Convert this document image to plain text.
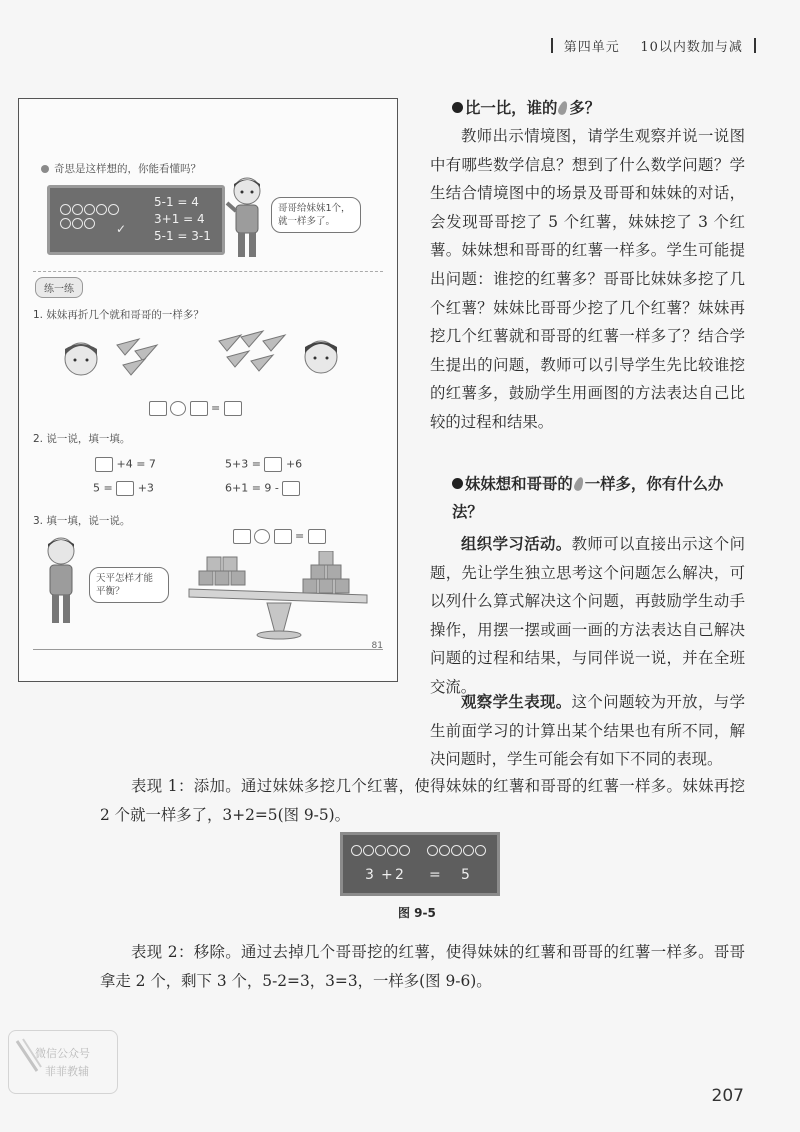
第四单元 10以内数加与减
奇思是这样想的，你能看懂吗？
✓
5-1 = 4
3+1 = 4
5-1 = 3-1
哥哥给妹妹1个，就一样多了。
练一练
1. 妹妹再折几个就和哥哥的一样多？
=
2. 说一说，填一填。
+4 = 7	5+3 = +6
5 = +3	6+1 = 9 -
3. 填一填，说一说。
=
天平怎样才能平衡？
81
比一比，谁的 多？

教师出示情境图，请学生观察并说一说图中有哪些数学信息？想到了什么数学问题？学生结合情境图中的场景及哥哥和妹妹的对话，会发现哥哥挖了 5 个红薯，妹妹挖了 3 个红薯。妹妹想和哥哥的红薯一样多。学生可能提出问题：谁挖的红薯多？哥哥比妹妹多挖了几个红薯？妹妹比哥哥少挖了几个红薯？妹妹再挖几个红薯就和哥哥的红薯一样多了？结合学生提出的问题，教师可以引导学生先比较谁挖的红薯多，鼓励学生用画图的方法表达自己比较的过程和结果。

妹妹想和哥哥的 一样多，你有什么办法？

组织学习活动。教师可以直接出示这个问题，先让学生独立思考这个问题怎么解决，可以列什么算式解决这个问题，再鼓励学生动手操作，用摆一摆或画一画的方法表达自己解决问题的过程和结果，与同伴说一说，并在全班交流。

观察学生表现。这个问题较为开放，与学生前面学习的计算出某个结果也有所不同，解决问题时，学生可能会有如下不同的表现。

表现 1：添加。通过妹妹多挖几个红薯，使得妹妹的红薯和哥哥的红薯一样多。妹妹再挖 2 个就一样多了，3+2=5(图 9-5)。

3 + 2 = 5
图 9-5

表现 2：移除。通过去掉几个哥哥挖的红薯，使得妹妹的红薯和哥哥的红薯一样多。哥哥拿走 2 个，剩下 3 个，5-2=3，3=3，一样多(图 9-6)。

微信公众号
菲菲教辅
207
